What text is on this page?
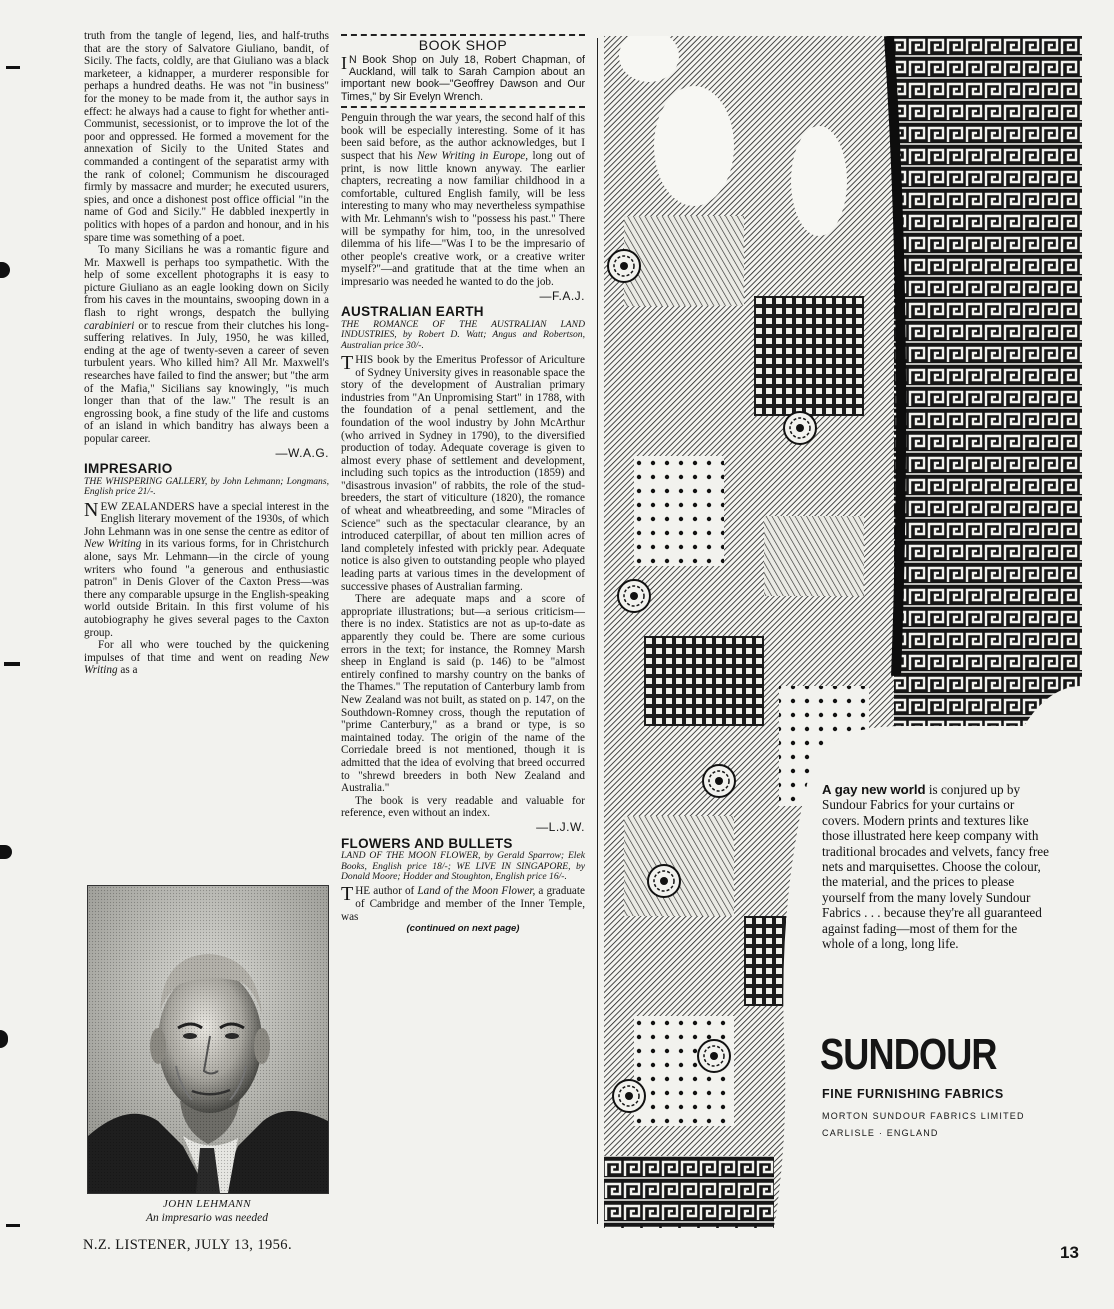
truth from the tangle of legend, lies, and half-truths that are the story of Salvatore Giuliano, bandit, of Sicily. The facts, coldly, are that Giuliano was a black marketeer, a kidnapper, a murderer responsible for perhaps a hundred deaths. He was not "in business" for the money to be made from it, the author says in effect: he always had a cause to fight for whether anti-Communist, secessionist, or to improve the lot of the poor and oppressed. He formed a movement for the annexation of Sicily to the United States and commanded a contingent of the separatist army with the rank of colonel; Communism he discouraged firmly by massacre and murder; he executed usurers, spies, and once a dishonest post office official "in the name of God and Sicily." He dabbled inexpertly in politics with hopes of a pardon and honour, and in his spare time was something of a poet.

To many Sicilians he was a romantic figure and Mr. Maxwell is perhaps too sympathetic. With the help of some excellent photographs it is easy to picture Giuliano as an eagle looking down on Sicily from his caves in the mountains, swooping down in a flash to right wrongs, despatch the bullying carabinieri or to rescue from their clutches his long-suffering relatives. In July, 1950, he was killed, ending at the age of twenty-seven a career of seven turbulent years. Who killed him? All Mr. Maxwell's researches have failed to find the answer; but "the arm of the Mafia," Sicilians say knowingly, "is much longer than that of the law." The result is an engrossing book, a fine study of the life and customs of an island in which banditry has always been a popular career.

—W.A.G.
IMPRESARIO
THE WHISPERING GALLERY, by John Lehmann; Longmans, English price 21/-.

NEW ZEALANDERS have a special interest in the English literary movement of the 1930s, of which John Lehmann was in one sense the centre as editor of New Writing in its various forms, for in Christchurch alone, says Mr. Lehmann—in the circle of young writers who found "a generous and enthusiastic patron" in Denis Glover of the Caxton Press—was there any comparable upsurge in the English-speaking world outside Britain. In this first volume of his autobiography he gives several pages to the Caxton group.

For all who were touched by the quickening impulses of that time and went on reading New Writing as a

JOHN LEHMANN
An impresario was needed
BOOK SHOP
I N Book Shop on July 18, Robert Chapman, of Auckland, will talk to Sarah Campion about an important new book—"Geoffrey Dawson and Our Times," by Sir Evelyn Wrench.

Penguin through the war years, the second half of this book will be especially interesting. Some of it has been said before, as the author acknowledges, but I suspect that his New Writing in Europe, long out of print, is now little known anyway. The earlier chapters, recreating a now familiar childhood in a comfortable, cultured English family, will be less interesting to many who may nevertheless sympathise with Mr. Lehmann's wish to "possess his past." There will be sympathy for him, too, in the unresolved dilemma of his life—"Was I to be the impresario of other people's creative work, or a creative writer myself?"—and gratitude that at the time when an impresario was needed he wanted to do the job.

—F.A.J.
AUSTRALIAN EARTH
THE ROMANCE OF THE AUSTRALIAN LAND INDUSTRIES, by Robert D. Watt; Angus and Robertson, Australian price 30/-.

THIS book by the Emeritus Professor of Ariculture of Sydney University gives in reasonable space the story of the development of Australian primary industries from "An Unpromising Start" in 1788, with the foundation of a penal settlement, and the foundation of the wool industry by John McArthur (who arrived in Sydney in 1790), to the diversified production of today. Adequate coverage is given to almost every phase of settlement and development, including such topics as the introduction (1859) and "disastrous invasion" of rabbits, the role of the stud-breeders, the start of viticulture (1820), the romance of wheat and wheatbreeding, and some "Miracles of Science" such as the spectacular clearance, by an introduced caterpillar, of about ten million acres of land completely infested with prickly pear. Adequate notice is also given to outstanding people who played leading parts at various times in the development of successive phases of Australian farming.

There are adequate maps and a score of appropriate illustrations; but—a serious criticism—there is no index. Statistics are not as up-to-date as apparently they could be. There are some curious errors in the text; for instance, the Romney Marsh sheep in England is said (p. 146) to be "almost entirely confined to marshy country on the banks of the Thames." The reputation of Canterbury lamb from New Zealand was not built, as stated on p. 147, on the Southdown-Romney cross, though the reputation of "prime Canterbury," as a brand or type, is so maintained today. The origin of the name of the Corriedale breed is not mentioned, though it is admitted that the idea of evolving that breed occurred to "shrewd breeders in both New Zealand and Australia."

The book is very readable and valuable for reference, even without an index.

—L.J.W.
FLOWERS AND BULLETS
LAND OF THE MOON FLOWER, by Gerald Sparrow; Elek Books, English price 18/-; WE LIVE IN SINGAPORE, by Donald Moore; Hodder and Stoughton, English price 16/-.

THE author of Land of the Moon Flower, a graduate of Cambridge and member of the Inner Temple, was

(continued on next page)
A gay new world is conjured up by Sundour Fabrics for your curtains or covers. Modern prints and textures like those illustrated here keep company with traditional brocades and velvets, fancy free nets and marquisettes. Choose the colour, the material, and the prices to please yourself from the many lovely Sundour Fabrics . . . because they're all guaranteed against fading—most of them for the whole of a long, long life.
SUNDOUR
FINE FURNISHING FABRICS
MORTON SUNDOUR FABRICS LIMITED
CARLISLE · ENGLAND
N.Z. LISTENER, JULY 13, 1956.	13
